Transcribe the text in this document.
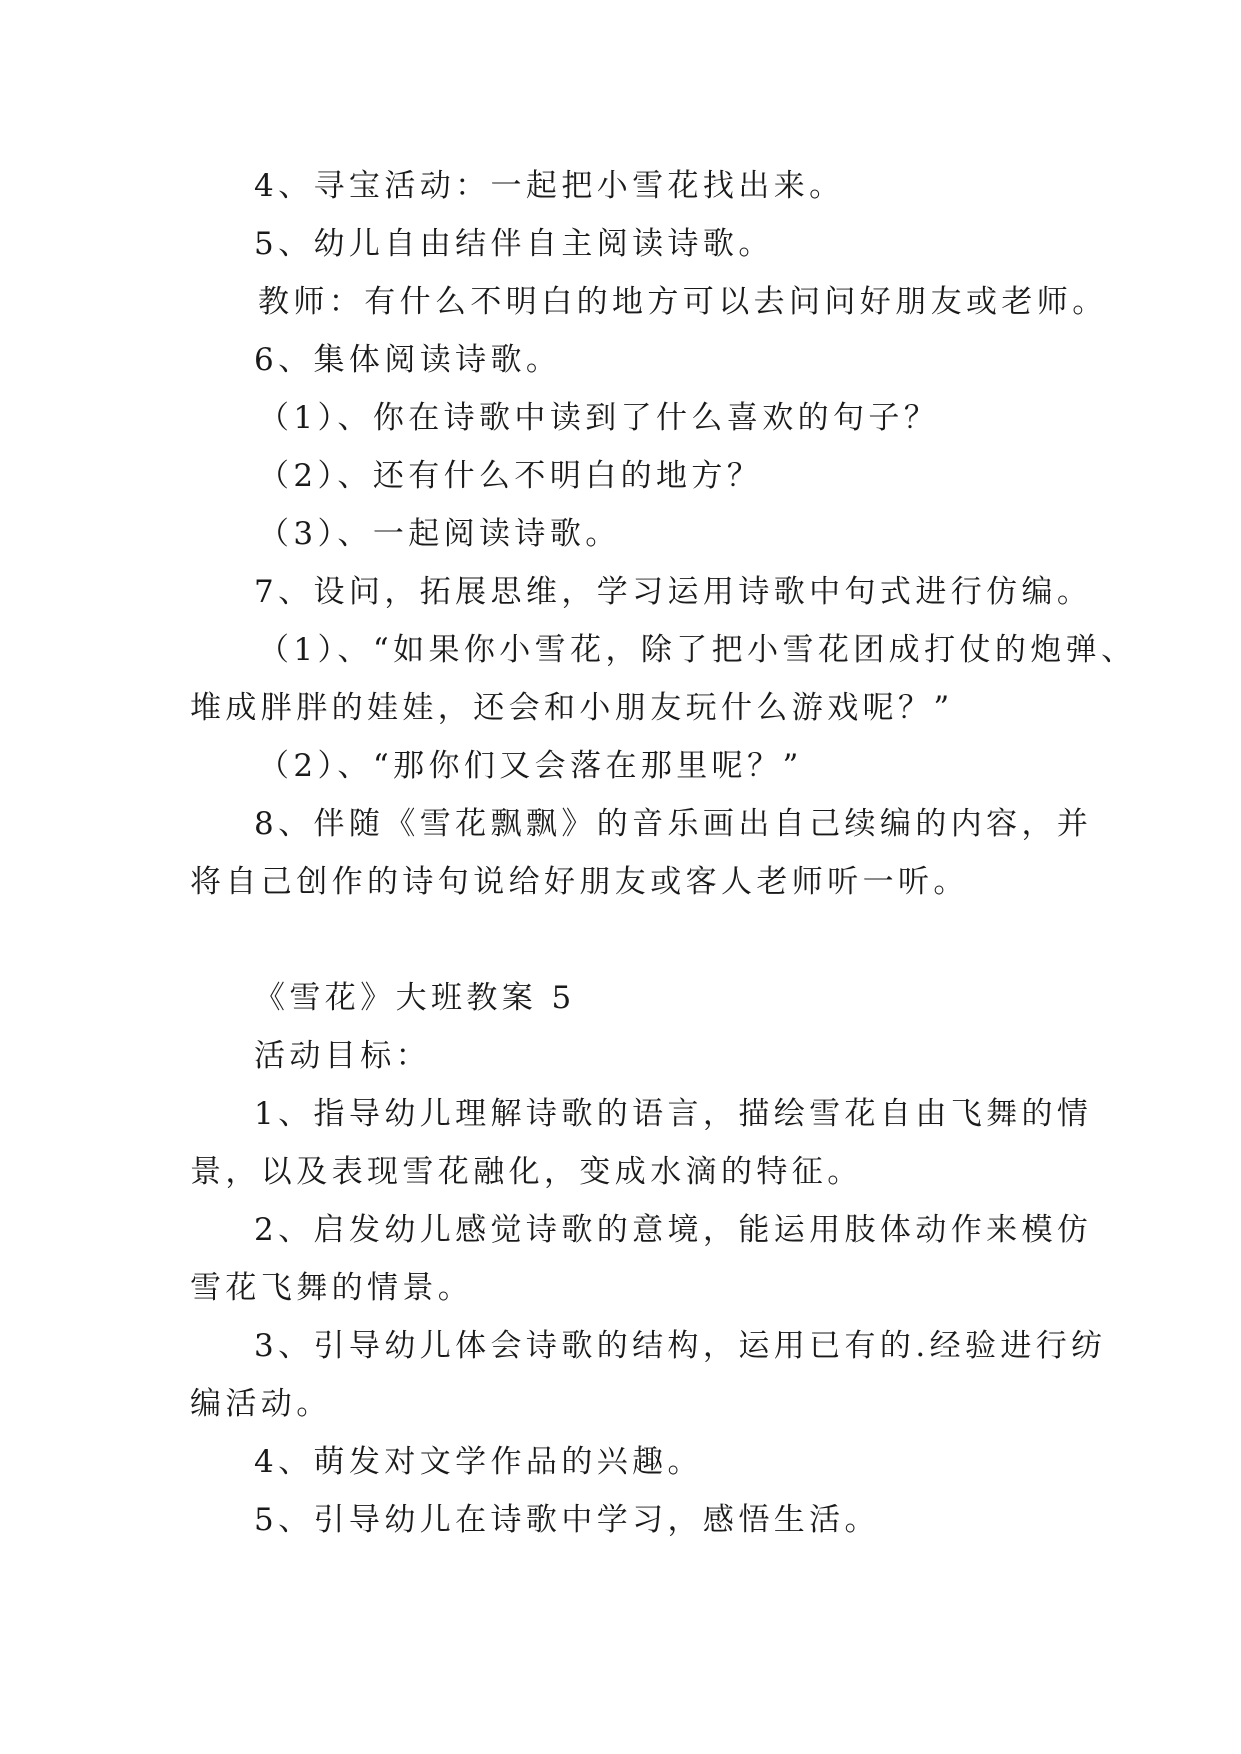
4、寻宝活动：一起把小雪花找出来。
5、幼儿自由结伴自主阅读诗歌。
教师：有什么不明白的地方可以去问问好朋友或老师。
6、集体阅读诗歌。
（1）、你在诗歌中读到了什么喜欢的句子？
（2）、还有什么不明白的地方？
（3）、一起阅读诗歌。
7、设问，拓展思维，学习运用诗歌中句式进行仿编。
（1）、“如果你小雪花，除了把小雪花团成打仗的炮弹、
堆成胖胖的娃娃，还会和小朋友玩什么游戏呢？”
（2）、“那你们又会落在那里呢？”
8、伴随《雪花飘飘》的音乐画出自己续编的内容，并
将自己创作的诗句说给好朋友或客人老师听一听。
《雪花》大班教案 5
活动目标：
1、指导幼儿理解诗歌的语言，描绘雪花自由飞舞的情
景，以及表现雪花融化，变成水滴的特征。
2、启发幼儿感觉诗歌的意境，能运用肢体动作来模仿
雪花飞舞的情景。
3、引导幼儿体会诗歌的结构，运用已有的.经验进行纺
编活动。
4、萌发对文学作品的兴趣。
5、引导幼儿在诗歌中学习，感悟生活。
